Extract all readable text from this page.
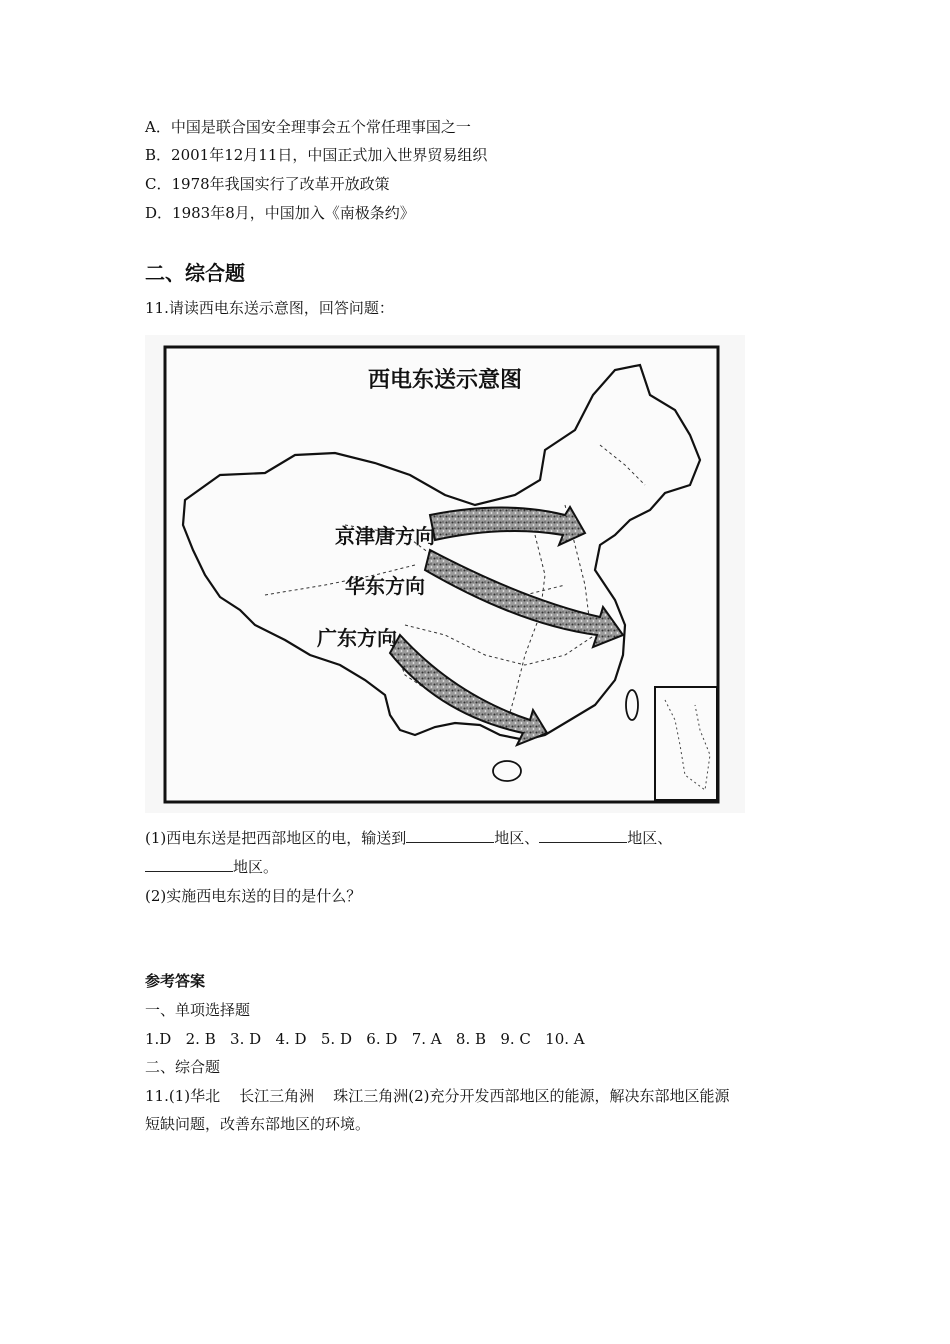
A．中国是联合国安全理事会五个常任理事国之一
B．2001年12月11日，中国正式加入世界贸易组织
C．1978年我国实行了改革开放政策
D．1983年8月，中国加入《南极条约》
二、综合题
11.请读西电东送示意图，回答问题：
西电东送示意图
京津唐方向
华东方向
广东方向
(1)西电东送是把西部地区的电，输送到	地区、	地区、
地区。
(2)实施西电东送的目的是什么？
参考答案
一、单项选择题
1.D   2. B   3. D   4. D   5. D   6. D   7. A   8. B   9. C   10. A
二、综合题
11.(1)华北    长江三角洲    珠江三角洲(2)充分开发西部地区的能源，解决东部地区能源
短缺问题，改善东部地区的环境。
